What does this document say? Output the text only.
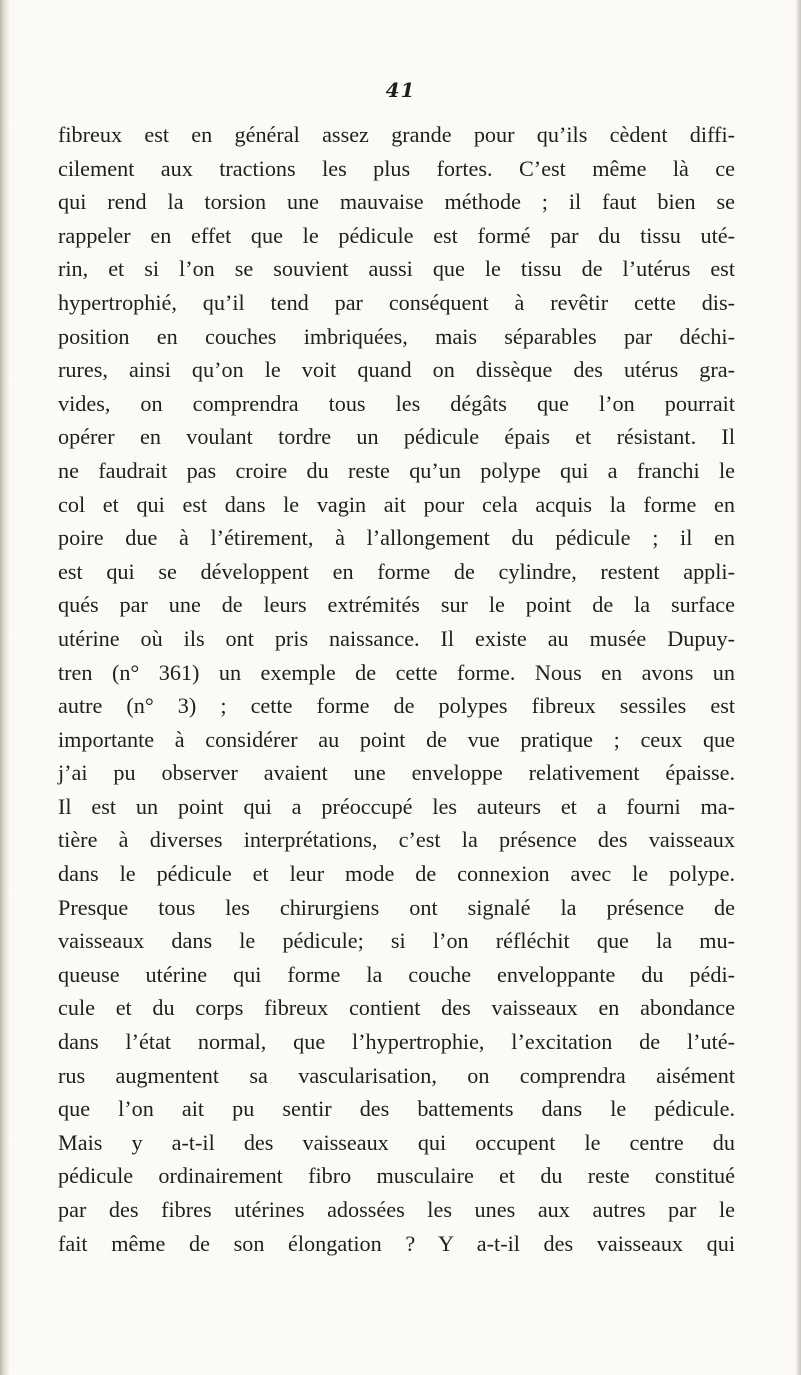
41
fibreux est en général assez grande pour qu’ils cèdent diffi-
cilement aux tractions les plus fortes. C’est même là ce
qui rend la torsion une mauvaise méthode ; il faut bien se
rappeler en effet que le pédicule est formé par du tissu uté-
rin, et si l’on se souvient aussi que le tissu de l’utérus est
hypertrophié, qu’il tend par conséquent à revêtir cette dis-
position en couches imbriquées, mais séparables par déchi-
rures, ainsi qu’on le voit quand on dissèque des utérus gra-
vides, on comprendra tous les dégâts que l’on pourrait
opérer en voulant tordre un pédicule épais et résistant. Il
ne faudrait pas croire du reste qu’un polype qui a franchi le
col et qui est dans le vagin ait pour cela acquis la forme en
poire due à l’étirement, à l’allongement du pédicule ; il en
est qui se développent en forme de cylindre, restent appli-
qués par une de leurs extrémités sur le point de la surface
utérine où ils ont pris naissance. Il existe au musée Dupuy-
tren (n° 361) un exemple de cette forme. Nous en avons un
autre (n° 3) ; cette forme de polypes fibreux sessiles est
importante à considérer au point de vue pratique ; ceux que
j’ai pu observer avaient une enveloppe relativement épaisse.
Il est un point qui a préoccupé les auteurs et a fourni ma-
tière à diverses interprétations, c’est la présence des vaisseaux
dans le pédicule et leur mode de connexion avec le polype.
Presque tous les chirurgiens ont signalé la présence de
vaisseaux dans le pédicule; si l’on réfléchit que la mu-
queuse utérine qui forme la couche enveloppante du pédi-
cule et du corps fibreux contient des vaisseaux en abondance
dans l’état normal, que l’hypertrophie, l’excitation de l’uté-
rus augmentent sa vascularisation, on comprendra aisément
que l’on ait pu sentir des battements dans le pédicule.
Mais y a-t-il des vaisseaux qui occupent le centre du
pédicule ordinairement fibro musculaire et du reste constitué
par des fibres utérines adossées les unes aux autres par le
fait même de son élongation ? Y a-t-il des vaisseaux qui
